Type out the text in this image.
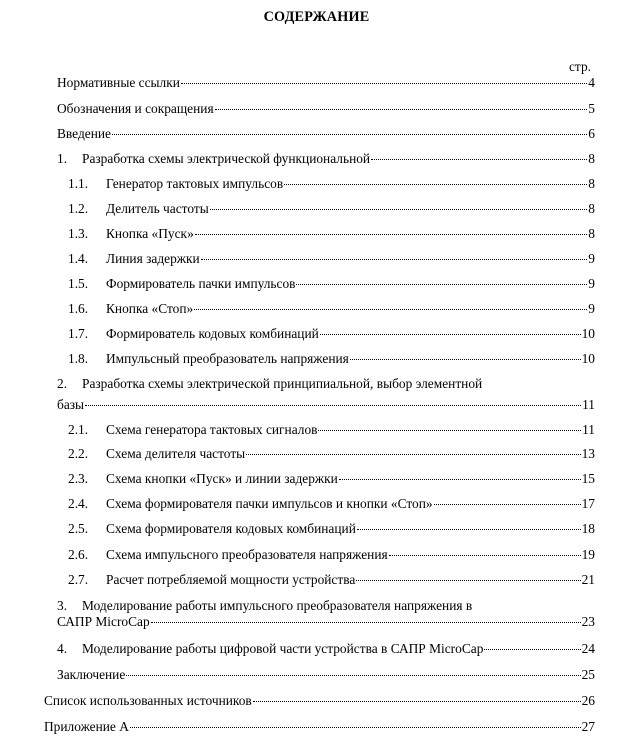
СОДЕРЖАНИЕ
стр.
Нормативные ссылки	4
Обозначения и сокращения	5
Введение	6
1.	Разработка схемы электрической функциональной	8
1.1.	Генератор тактовых импульсов	8
1.2.	Делитель частоты	8
1.3.	Кнопка «Пуск»	8
1.4.	Линия задержки	9
1.5.	Формирователь пачки импульсов	9
1.6.	Кнопка «Стоп»	9
1.7.	Формирователь кодовых комбинаций	10
1.8.	Импульсный преобразователь напряжения	10
2. Разработка схемы электрической принципиальной, выбор элементной
базы	11
2.1.	Схема генератора тактовых сигналов	11
2.2.	Схема делителя частоты	13
2.3.	Схема кнопки «Пуск» и линии задержки	15
2.4.	Схема формирователя пачки импульсов и кнопки «Стоп»	17
2.5.	Схема формирователя кодовых комбинаций	18
2.6.	Схема импульсного преобразователя напряжения	19
2.7.	Расчет потребляемой мощности устройства	21
3. Моделирование работы импульсного преобразователя напряжения в
САПР MicroCap	23
4.	Моделирование работы цифровой части устройства в САПР MicroCap	24
Заключение	25
Список использованных источников	26
Приложение А	27
